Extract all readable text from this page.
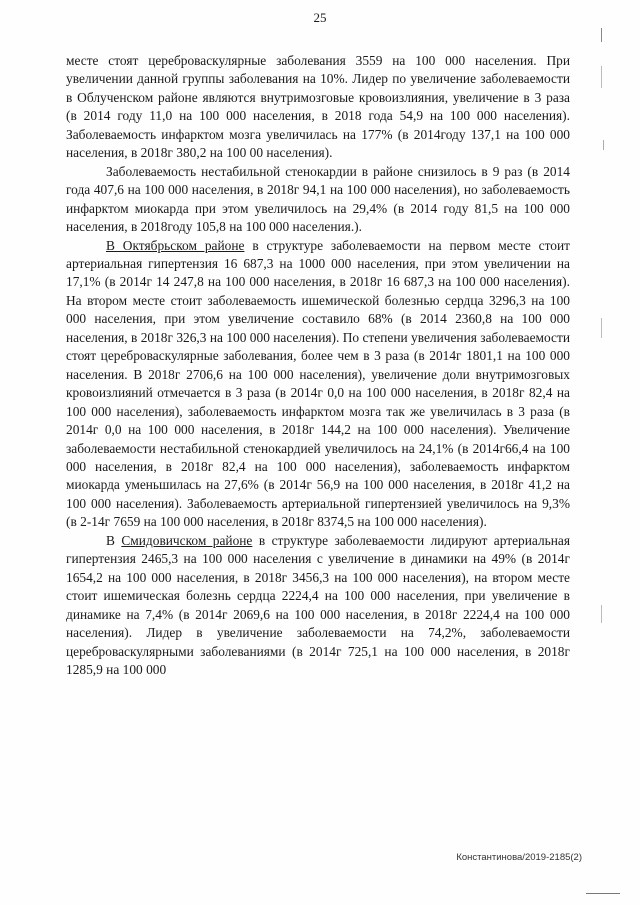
25

месте стоят цереброваскулярные заболевания 3559 на 100 000 населения. При увеличении данной группы заболевания на 10%. Лидер по увеличение заболеваемости в Облученском районе являются внутримозговые кровоизлияния, увеличение в 3 раза (в 2014 году 11,0 на 100 000 населения, в 2018 года 54,9 на 100 000 населения). Заболеваемость инфарктом мозга увеличилась на 177% (в 2014году 137,1 на 100 000 населения, в 2018г 380,2 на 100 00 населения).

Заболеваемость нестабильной стенокардии в районе снизилось в 9 раз (в 2014 года 407,6 на 100 000 населения, в 2018г 94,1 на 100 000 населения), но заболеваемость инфарктом миокарда при этом увеличилось на 29,4% (в 2014 году 81,5 на 100 000 населения, в 2018году 105,8 на 100 000 населения.).

В Октябрьском районе в структуре заболеваемости на первом месте стоит артериальная гипертензия 16 687,3 на 1000 000 населения, при этом увеличении на 17,1% (в 2014г 14 247,8 на 100 000 населения, в 2018г 16 687,3 на 100 000 населения). На втором месте стоит заболеваемость ишемической болезнью сердца 3296,3 на 100 000 населения, при этом увеличение составило 68% (в 2014 2360,8 на 100 000 населения, в 2018г 326,3 на 100 000 населения). По степени увеличения заболеваемости стоят цереброваскулярные заболевания, более чем в 3 раза (в 2014г 1801,1 на 100 000 населения. В 2018г 2706,6 на 100 000 населения), увеличение доли внутримозговых кровоизлияний отмечается в 3 раза (в 2014г 0,0 на 100 000 населения, в 2018г 82,4 на 100 000 населения), заболеваемость инфарктом мозга так же увеличилась в 3 раза (в 2014г 0,0 на 100 000 населения, в 2018г 144,2 на 100 000 населения). Увеличение заболеваемости нестабильной стенокардией увеличилось на 24,1% (в 2014г66,4 на 100 000 населения, в 2018г 82,4 на 100 000 населения), заболеваемость инфарктом миокарда уменьшилась на 27,6% (в 2014г 56,9 на 100 000 населения, в 2018г 41,2 на 100 000 населения). Заболеваемость артериальной гипертензией увеличилось на 9,3% (в 2-14г 7659 на 100 000 населения, в 2018г 8374,5 на 100 000 населения).

В Смидовичском районе в структуре заболеваемости лидируют артериальная гипертензия 2465,3 на 100 000 населения с увеличение в динамики на 49% (в 2014г 1654,2 на 100 000 населения, в 2018г 3456,3 на 100 000 населения), на втором месте стоит ишемическая болезнь сердца 2224,4 на 100 000 населения, при увеличение в динамике на 7,4% (в 2014г 2069,6 на 100 000 населения, в 2018г 2224,4 на 100 000 населения). Лидер в увеличение заболеваемости на 74,2%, заболеваемости цереброваскулярными заболеваниями (в 2014г 725,1 на 100 000 населения, в 2018г 1285,9 на 100 000

Константинова/2019-2185(2)
